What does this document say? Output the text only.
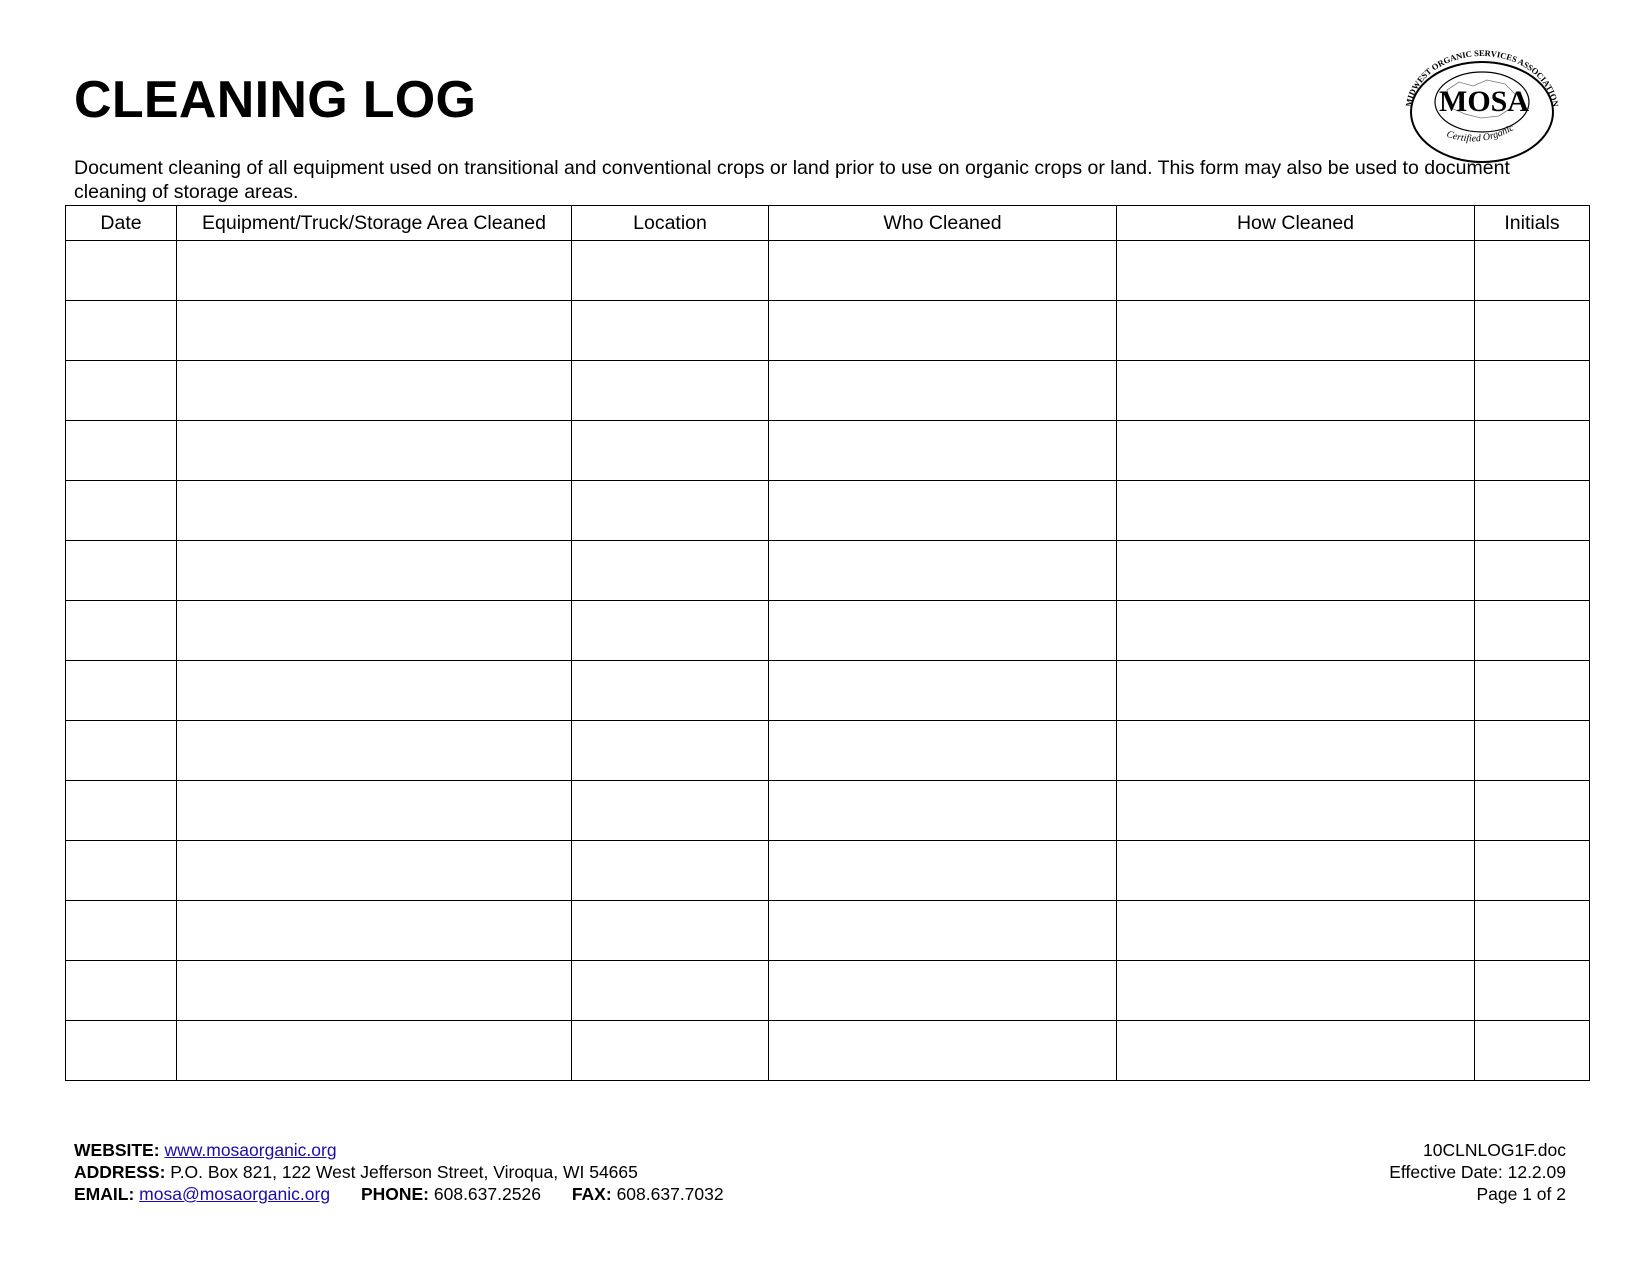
CLEANING LOG	MIDWEST ORGANIC SERVICES ASSOCIATION
MOSA
Certified Organic

Document cleaning of all equipment used on transitional and conventional crops or land prior to use on organic crops or land. This form may also be used to document cleaning of storage areas.

Date	Equipment/Truck/Storage Area Cleaned	Location	Who Cleaned	How Cleaned	Initials

WEBSITE: www.mosaorganic.org
ADDRESS: P.O. Box 821, 122 West Jefferson Street, Viroqua, WI 54665
EMAIL: mosa@mosaorganic.org PHONE: 608.637.2526 FAX: 608.637.7032
10CLNLOG1F.doc
Effective Date: 12.2.09
Page 1 of 2
